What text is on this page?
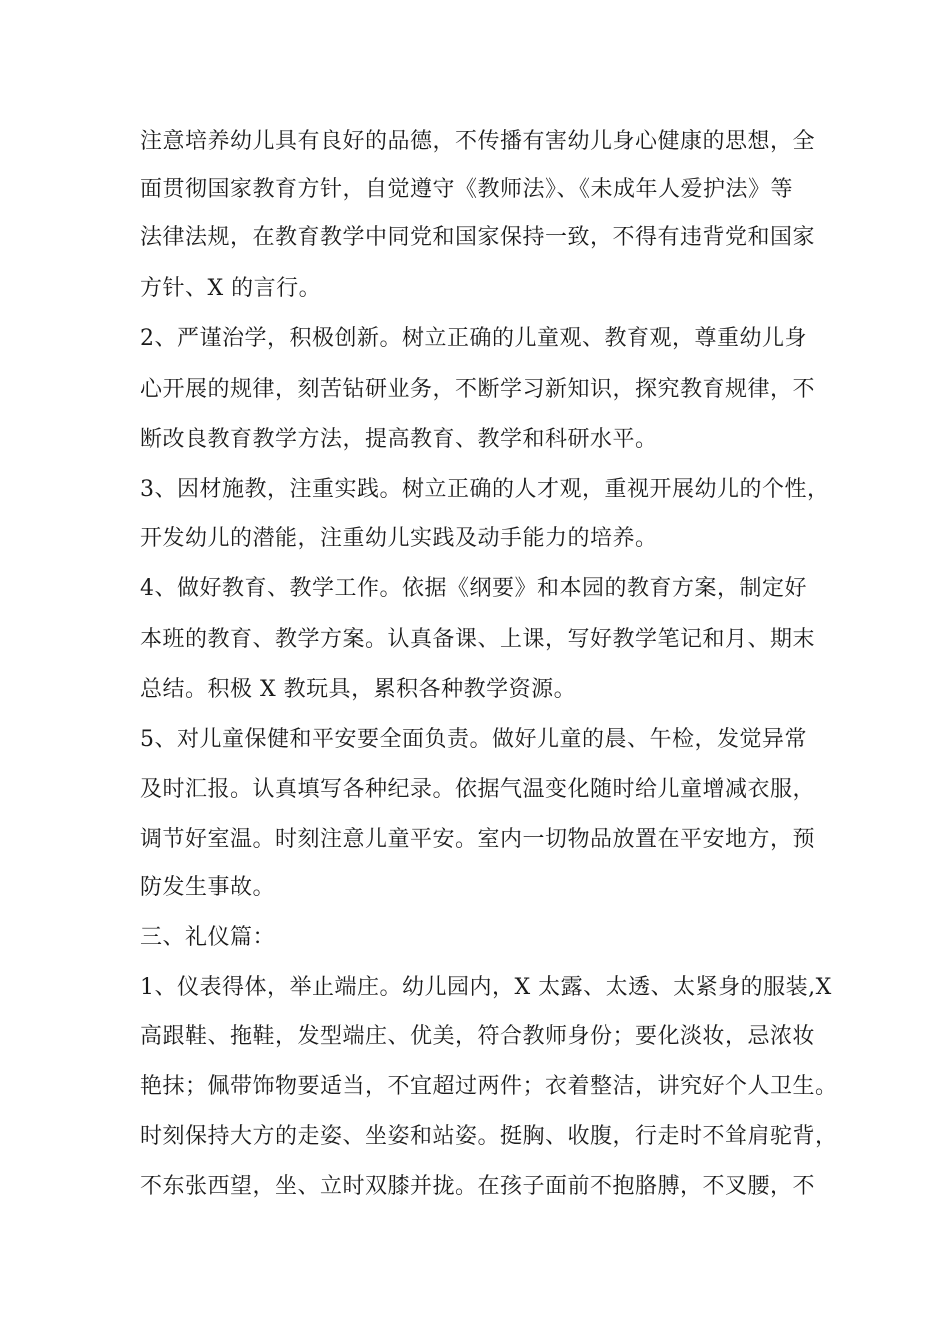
注意培养幼儿具有良好的品德，不传播有害幼儿身心健康的思想，全

面贯彻国家教育方针，自觉遵守《教师法》、《未成年人爱护法》等

法律法规，在教育教学中同党和国家保持一致，不得有违背党和国家

方针、X 的言行。

2、严谨治学，积极创新。树立正确的儿童观、教育观，尊重幼儿身

心开展的规律，刻苦钻研业务，不断学习新知识，探究教育规律，不

断改良教育教学方法，提高教育、教学和科研水平。

3、因材施教，注重实践。树立正确的人才观，重视开展幼儿的个性，

开发幼儿的潜能，注重幼儿实践及动手能力的培养。

4、做好教育、教学工作。依据《纲要》和本园的教育方案，制定好

本班的教育、教学方案。认真备课、上课，写好教学笔记和月、期末

总结。积极 X 教玩具，累积各种教学资源。

5、对儿童保健和平安要全面负责。做好儿童的晨、午检，发觉异常

及时汇报。认真填写各种纪录。依据气温变化随时给儿童增减衣服，

调节好室温。时刻注意儿童平安。室内一切物品放置在平安地方，预

防发生事故。

三、礼仪篇：

1、仪表得体，举止端庄。幼儿园内，X 太露、太透、太紧身的服装,X

高跟鞋、拖鞋，发型端庄、优美，符合教师身份；要化淡妆，忌浓妆

艳抹；佩带饰物要适当，不宜超过两件；衣着整洁，讲究好个人卫生。

时刻保持大方的走姿、坐姿和站姿。挺胸、收腹，行走时不耸肩驼背，

不东张西望，坐、立时双膝并拢。在孩子面前不抱胳膊，不叉腰，不
